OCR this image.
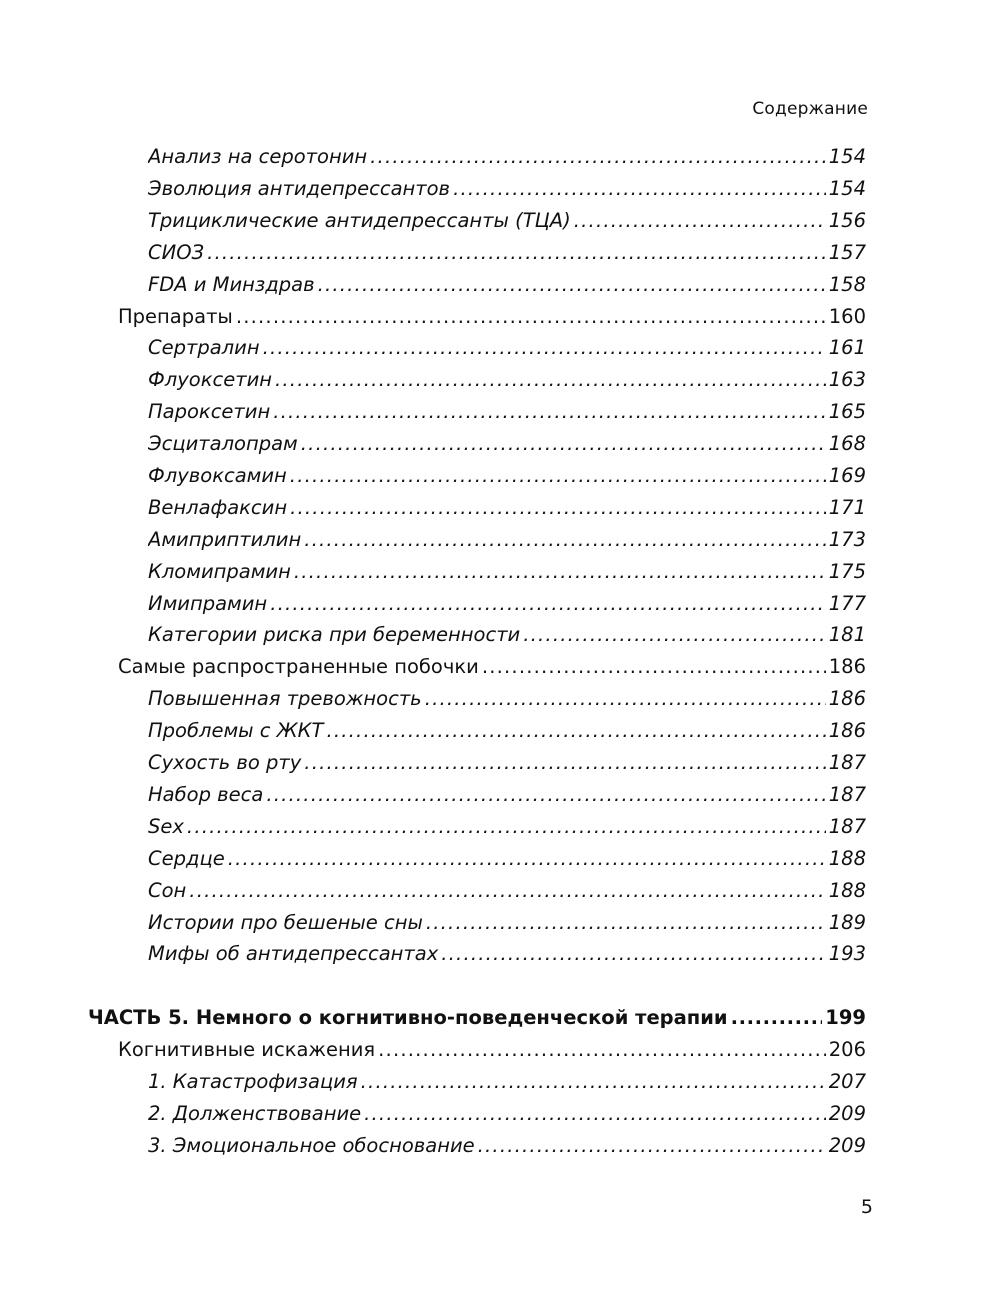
Содержание
Анализ на серотонин .....	154
Эволюция антидепрессантов .....	154
Трициклические антидепрессанты (ТЦА) .....	156
СИОЗ .....	157
FDA и Минздрав .....	158
Препараты .....	160
Сертралин .....	161
Флуоксетин .....	163
Пароксетин .....	165
Эсциталопрам .....	168
Флувоксамин .....	169
Венлафаксин .....	171
Амиприптилин .....	173
Кломипрамин .....	175
Имипрамин .....	177
Категории риска при беременности .....	181
Самые распространенные побочки .....	186
Повышенная тревожность .....	186
Проблемы с ЖКТ .....	186
Сухость во рту .....	187
Набор веса .....	187
Sex .....	187
Сердце .....	188
Сон .....	188
Истории про бешеные сны .....	189
Мифы об антидепрессантах .....	193
ЧАСТЬ 5. Немного о когнитивно-поведенческой терапии .....	199
Когнитивные искажения .....	206
1. Катастрофизация .....	207
2. Долженствование .....	209
3. Эмоциональное обоснование .....	209
5
